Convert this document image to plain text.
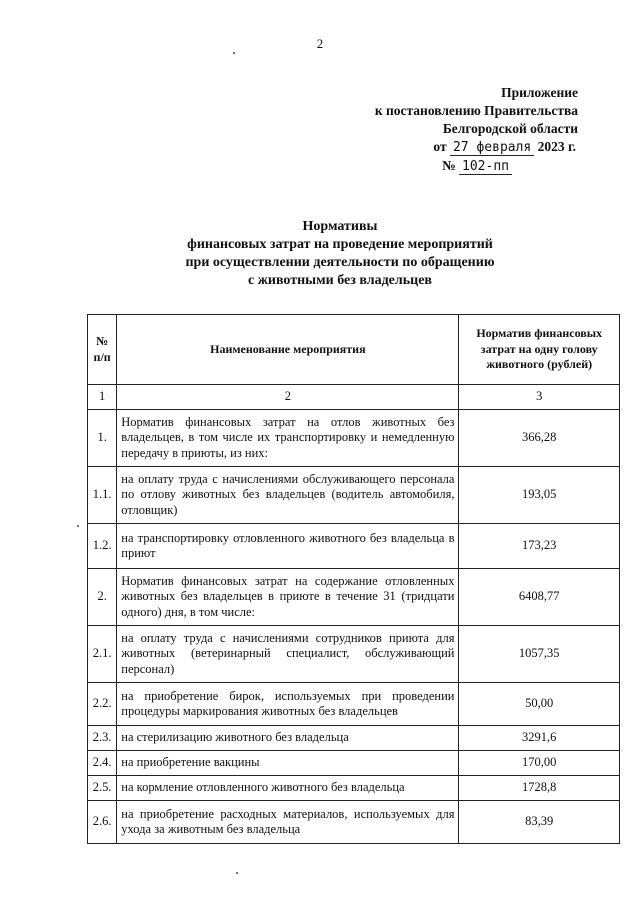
2
Приложение
к постановлению Правительства
Белгородской области
от 27 февраля 2023 г.
№ 102-пп
Нормативы
финансовых затрат на проведение мероприятий
при осуществлении деятельности по обращению
с животными без владельцев
№ п/п	Наименование мероприятия	Норматив финансовых затрат на одну голову животного (рублей)
1	2	3
1.	Норматив финансовых затрат на отлов животных без владельцев, в том числе их транспортировку и немедленную передачу в приюты, из них:	366,28
1.1.	на оплату труда с начислениями обслуживающего персонала по отлову животных без владельцев (водитель автомобиля, отловщик)	193,05
1.2.	на транспортировку отловленного животного без владельца в приют	173,23
2.	Норматив финансовых затрат на содержание отловленных животных без владельцев в приюте в течение 31 (тридцати одного) дня, в том числе:	6408,77
2.1.	на оплату труда с начислениями сотрудников приюта для животных (ветеринарный специалист, обслуживающий персонал)	1057,35
2.2.	на приобретение бирок, используемых при проведении процедуры маркирования животных без владельцев	50,00
2.3.	на стерилизацию животного без владельца	3291,6
2.4.	на приобретение вакцины	170,00
2.5.	на кормление отловленного животного без владельца	1728,8
2.6.	на приобретение расходных материалов, используемых для ухода за животным без владельца	83,39
